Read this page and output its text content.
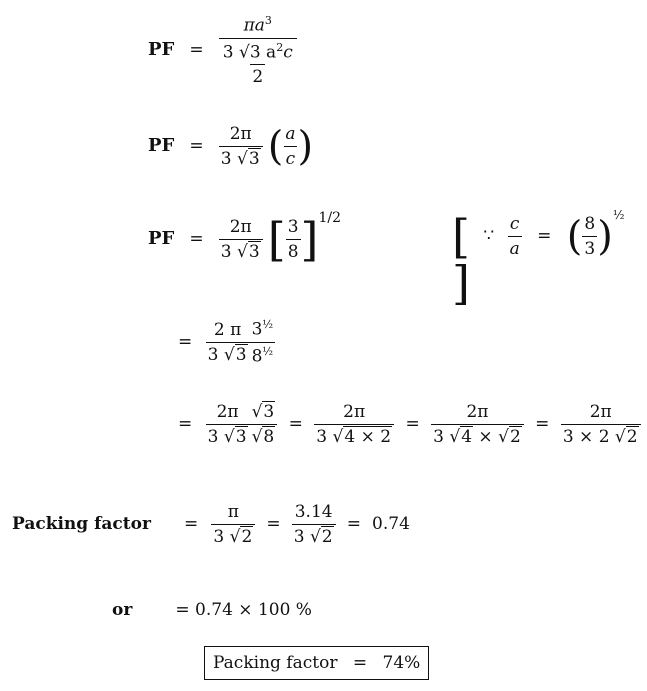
PF = $\frac{\pi a^3}{\frac{3 √3 a^2c}{2}}$
PF = $\frac{2\pi}{3 √3}$ ( $\frac{a}{c}$ )
PF = $\frac{2\pi}{3 √3}$ [ $\frac{3}{8} ]^{1/2}$ [ ∵ $\frac{c}{a}$ = ( $\frac{8}{3} )^{\frac{1}{2}}$ ]
= $\frac{2 \pi}{3 √3} \frac{3^{\frac{1}{2}}}{8^{\frac{1}{2}}}$
= $\frac{2\pi}{3 √3} \frac{√3}{√8} = \frac{2\pi}{3 √4 \times 2} = \frac{2\pi}{3 √4 \times √2} = \frac{2\pi}{3 \times 2 √2}$
Packing factor = $\frac{\pi}{3 √2} = \frac{3.14}{3 √2} = 0.74$
or	= 0.74 × 100 %
Packing factor = 74%
